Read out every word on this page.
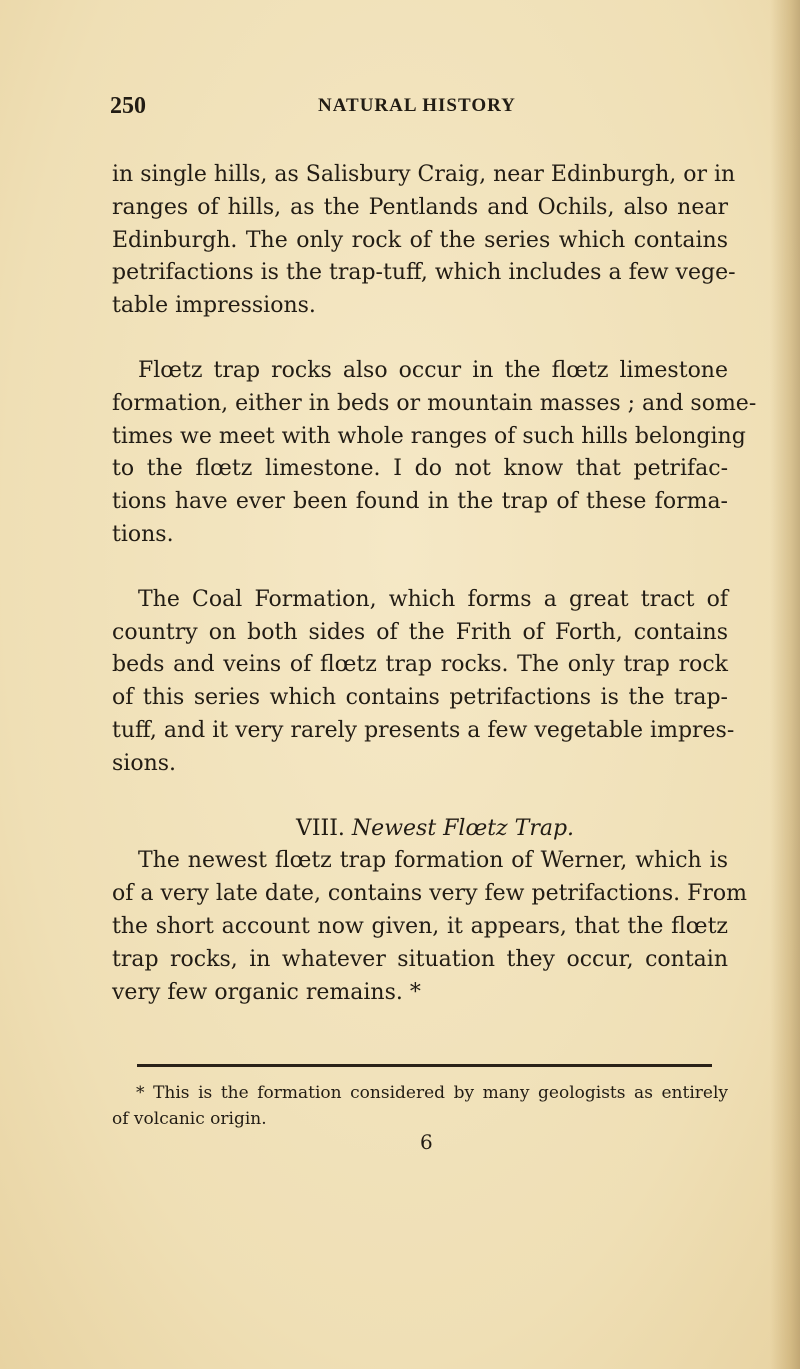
250	NATURAL HISTORY
in single hills, as Salisbury Craig, near Edinburgh, or in
ranges of hills, as the Pentlands and Ochils, also near
Edinburgh. The only rock of the series which contains
petrifactions is the trap-tuff, which includes a few vege-
table impressions.
Flœtz trap rocks also occur in the flœtz limestone
formation, either in beds or mountain masses ; and some-
times we meet with whole ranges of such hills belonging
to the flœtz limestone. I do not know that petrifac-
tions have ever been found in the trap of these forma-
tions.
The Coal Formation, which forms a great tract of
country on both sides of the Frith of Forth, contains
beds and veins of flœtz trap rocks. The only trap rock
of this series which contains petrifactions is the trap-
tuff, and it very rarely presents a few vegetable impres-
sions.
VIII. Newest Flœtz Trap.
The newest flœtz trap formation of Werner, which is
of a very late date, contains very few petrifactions. From
the short account now given, it appears, that the flœtz
trap rocks, in whatever situation they occur, contain
very few organic remains. *
* This is the formation considered by many geologists as entirely
of volcanic origin.
6
